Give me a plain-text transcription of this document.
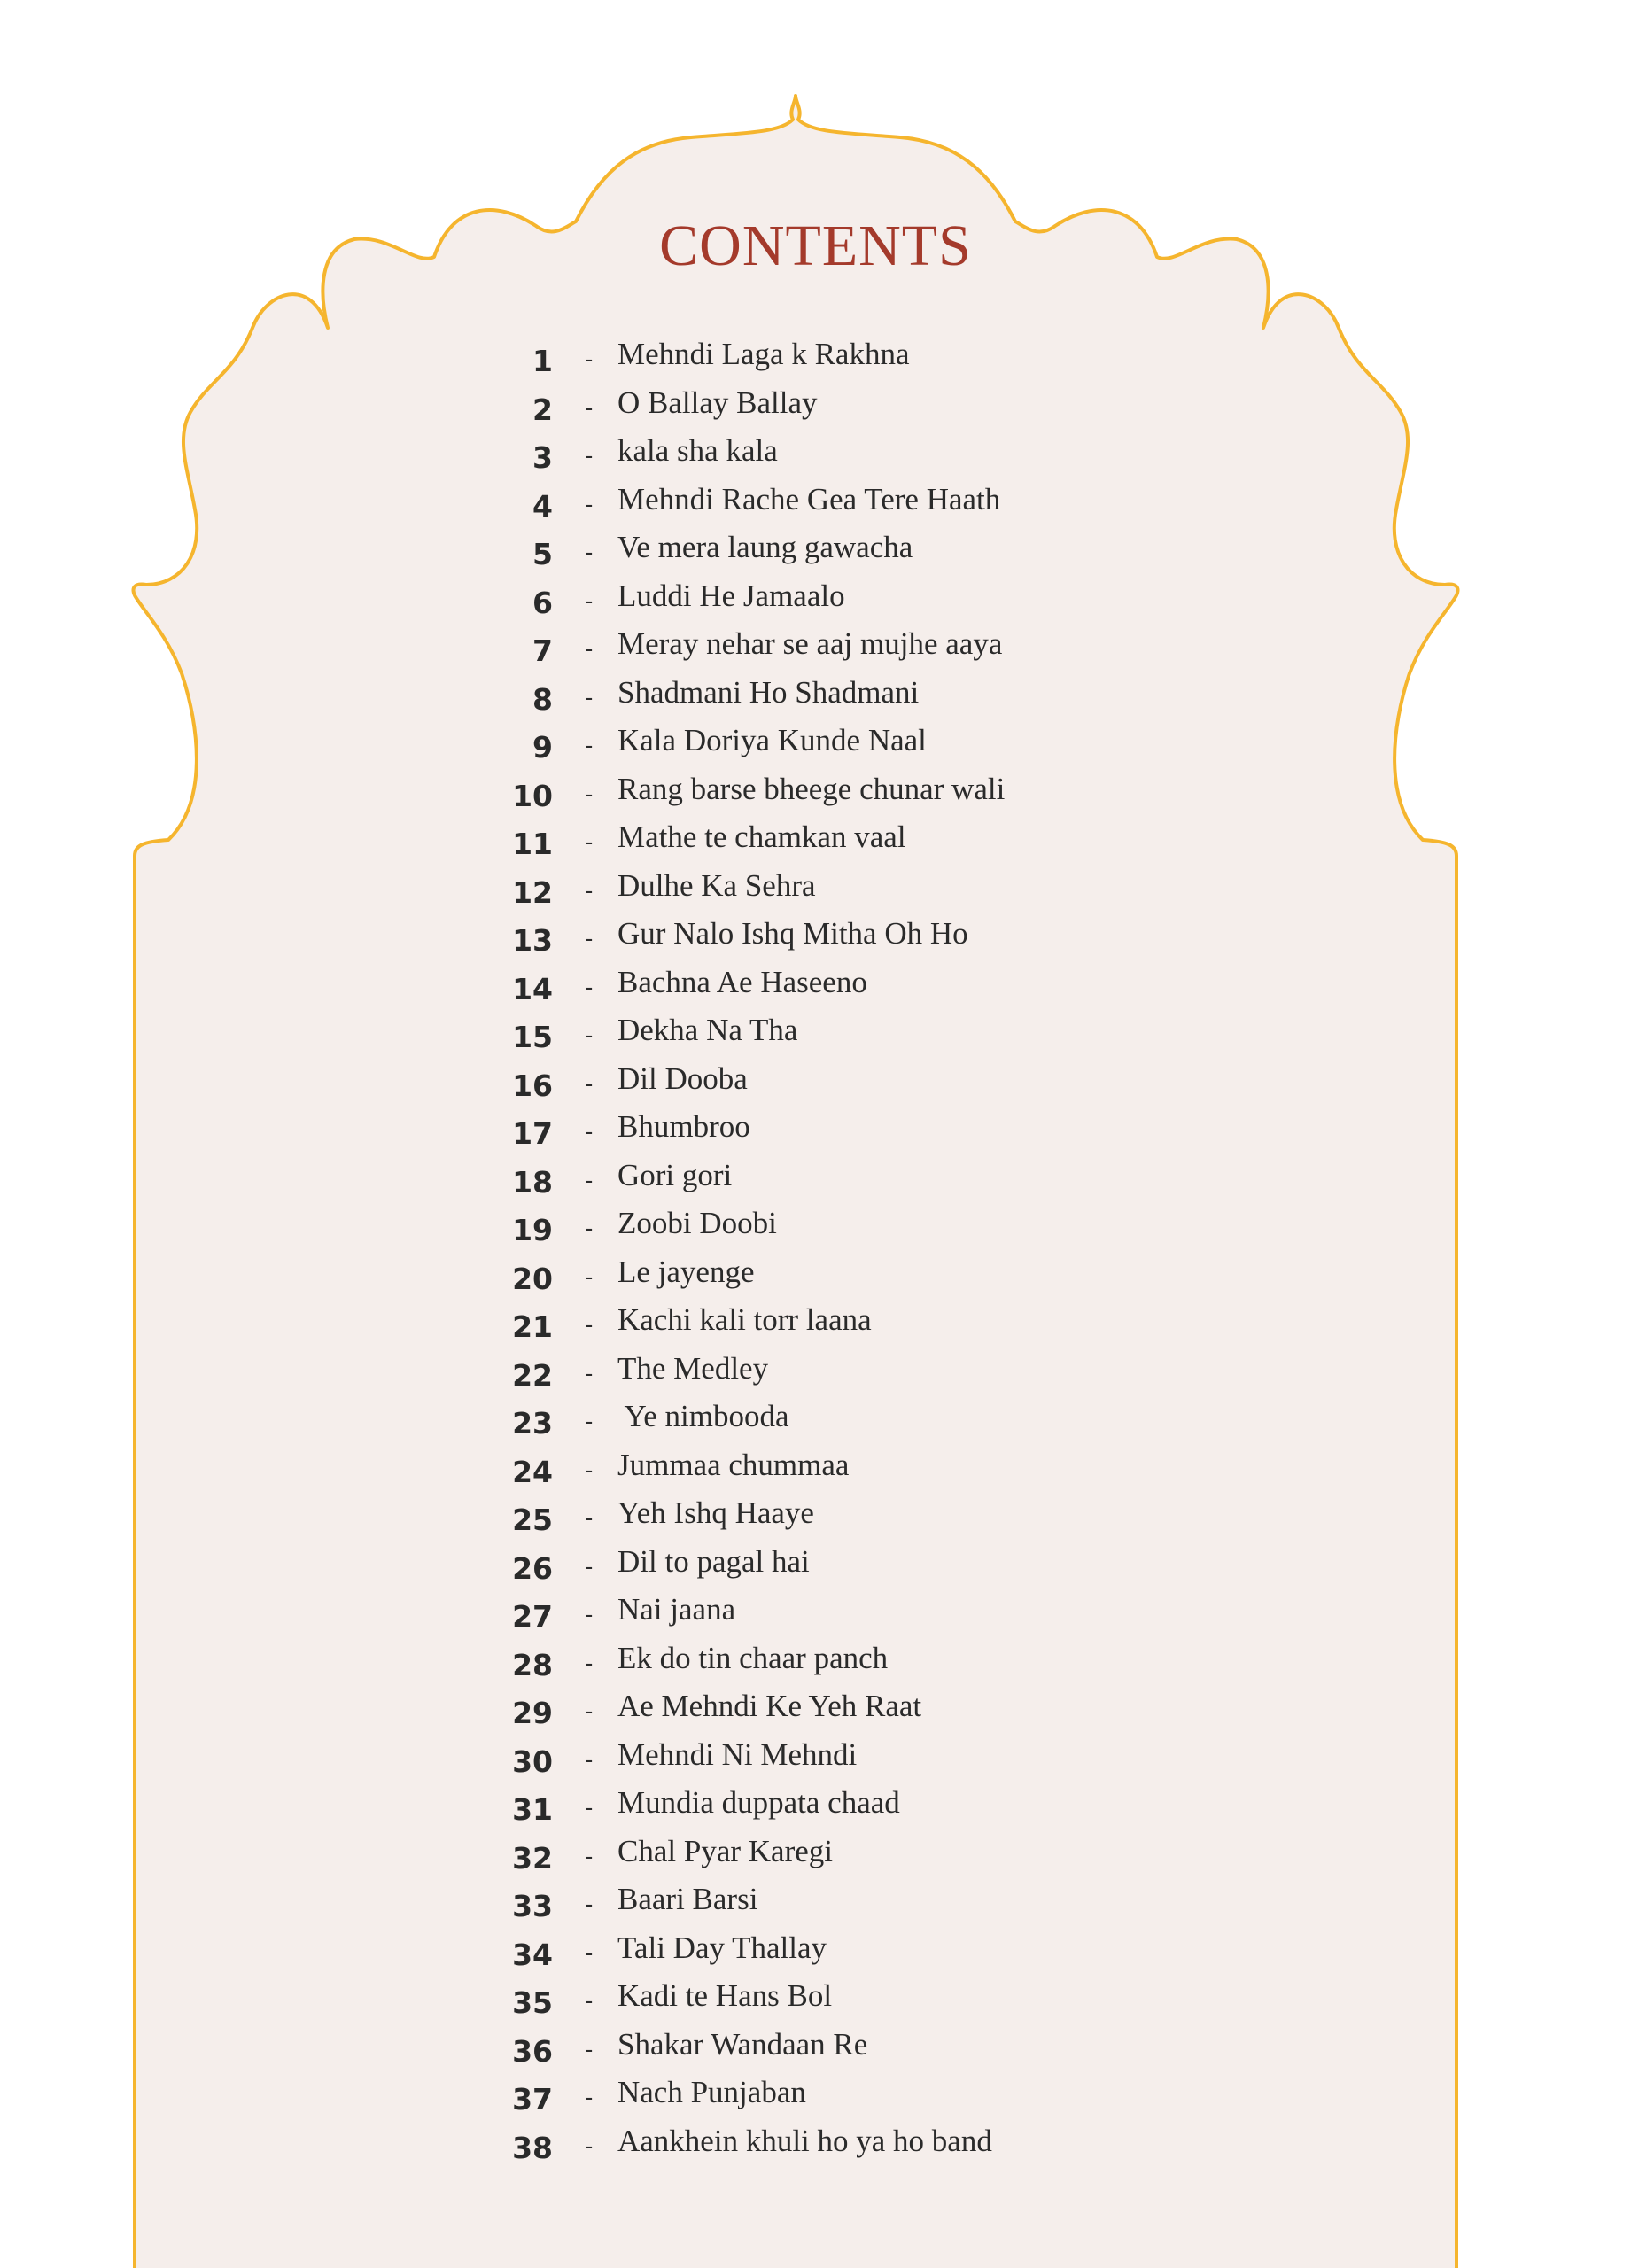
CONTENTS
1 - Mehndi Laga k Rakhna
2 - O Ballay Ballay
3 - kala sha kala
4 - Mehndi Rache Gea Tere Haath
5 - Ve mera laung gawacha
6 - Luddi He Jamaalo
7 - Meray nehar se aaj mujhe aaya
8 - Shadmani Ho Shadmani
9 - Kala Doriya Kunde Naal
10 - Rang barse bheege chunar wali
11 - Mathe te chamkan vaal
12 - Dulhe Ka Sehra
13 - Gur Nalo Ishq Mitha Oh Ho
14 - Bachna Ae Haseeno
15 - Dekha Na Tha
16 - Dil Dooba
17 - Bhumbroo
18 - Gori gori
19 - Zoobi Doobi
20 - Le jayenge
21 - Kachi kali torr laana
22 - The Medley
23 - Ye nimbooda
24 - Jummaa chummaa
25 - Yeh Ishq Haaye
26 - Dil to pagal hai
27 - Nai jaana
28 - Ek do tin chaar panch
29 - Ae Mehndi Ke Yeh Raat
30 - Mehndi Ni Mehndi
31 - Mundia duppata chaad
32 - Chal Pyar Karegi
33 - Baari Barsi
34 - Tali Day Thallay
35 - Kadi te Hans Bol
36 - Shakar Wandaan Re
37 - Nach Punjaban
38 - Aankhein khuli ho ya ho band
